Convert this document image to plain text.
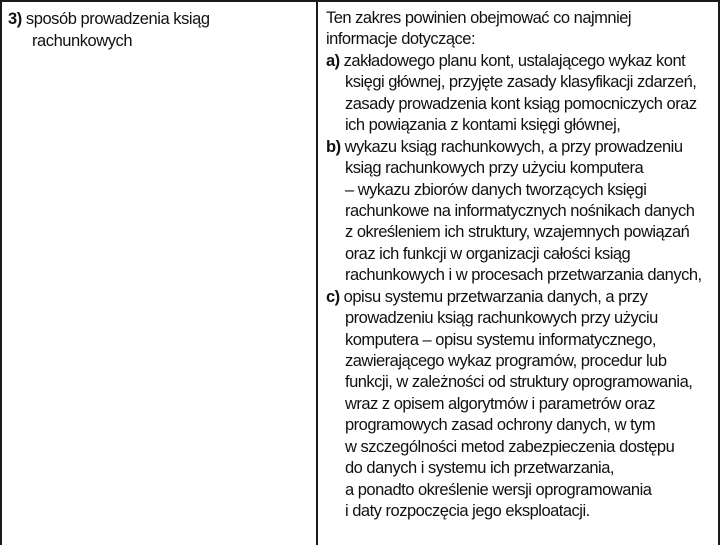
3) sposób prowadzenia ksiąg
rachunkowych
Ten zakres powinien obejmować co najmniej
informacje dotyczące:
a) zakładowego planu kont, ustalającego wykaz kont
księgi głównej, przyjęte zasady klasyfikacji zdarzeń,
zasady prowadzenia kont ksiąg pomocniczych oraz
ich powiązania z kontami księgi głównej,
b) wykazu ksiąg rachunkowych, a przy prowadzeniu
ksiąg rachunkowych przy użyciu komputera
– wykazu zbiorów danych tworzących księgi
rachunkowe na informatycznych nośnikach danych
z określeniem ich struktury, wzajemnych powiązań
oraz ich funkcji w organizacji całości ksiąg
rachunkowych i w procesach przetwarzania danych,
c) opisu systemu przetwarzania danych, a przy
prowadzeniu ksiąg rachunkowych przy użyciu
komputera – opisu systemu informatycznego,
zawierającego wykaz programów, procedur lub
funkcji, w zależności od struktury oprogramowania,
wraz z opisem algorytmów i parametrów oraz
programowych zasad ochrony danych, w tym
w szczególności metod zabezpieczenia dostępu
do danych i systemu ich przetwarzania,
a ponadto określenie wersji oprogramowania
i daty rozpoczęcia jego eksploatacji.
